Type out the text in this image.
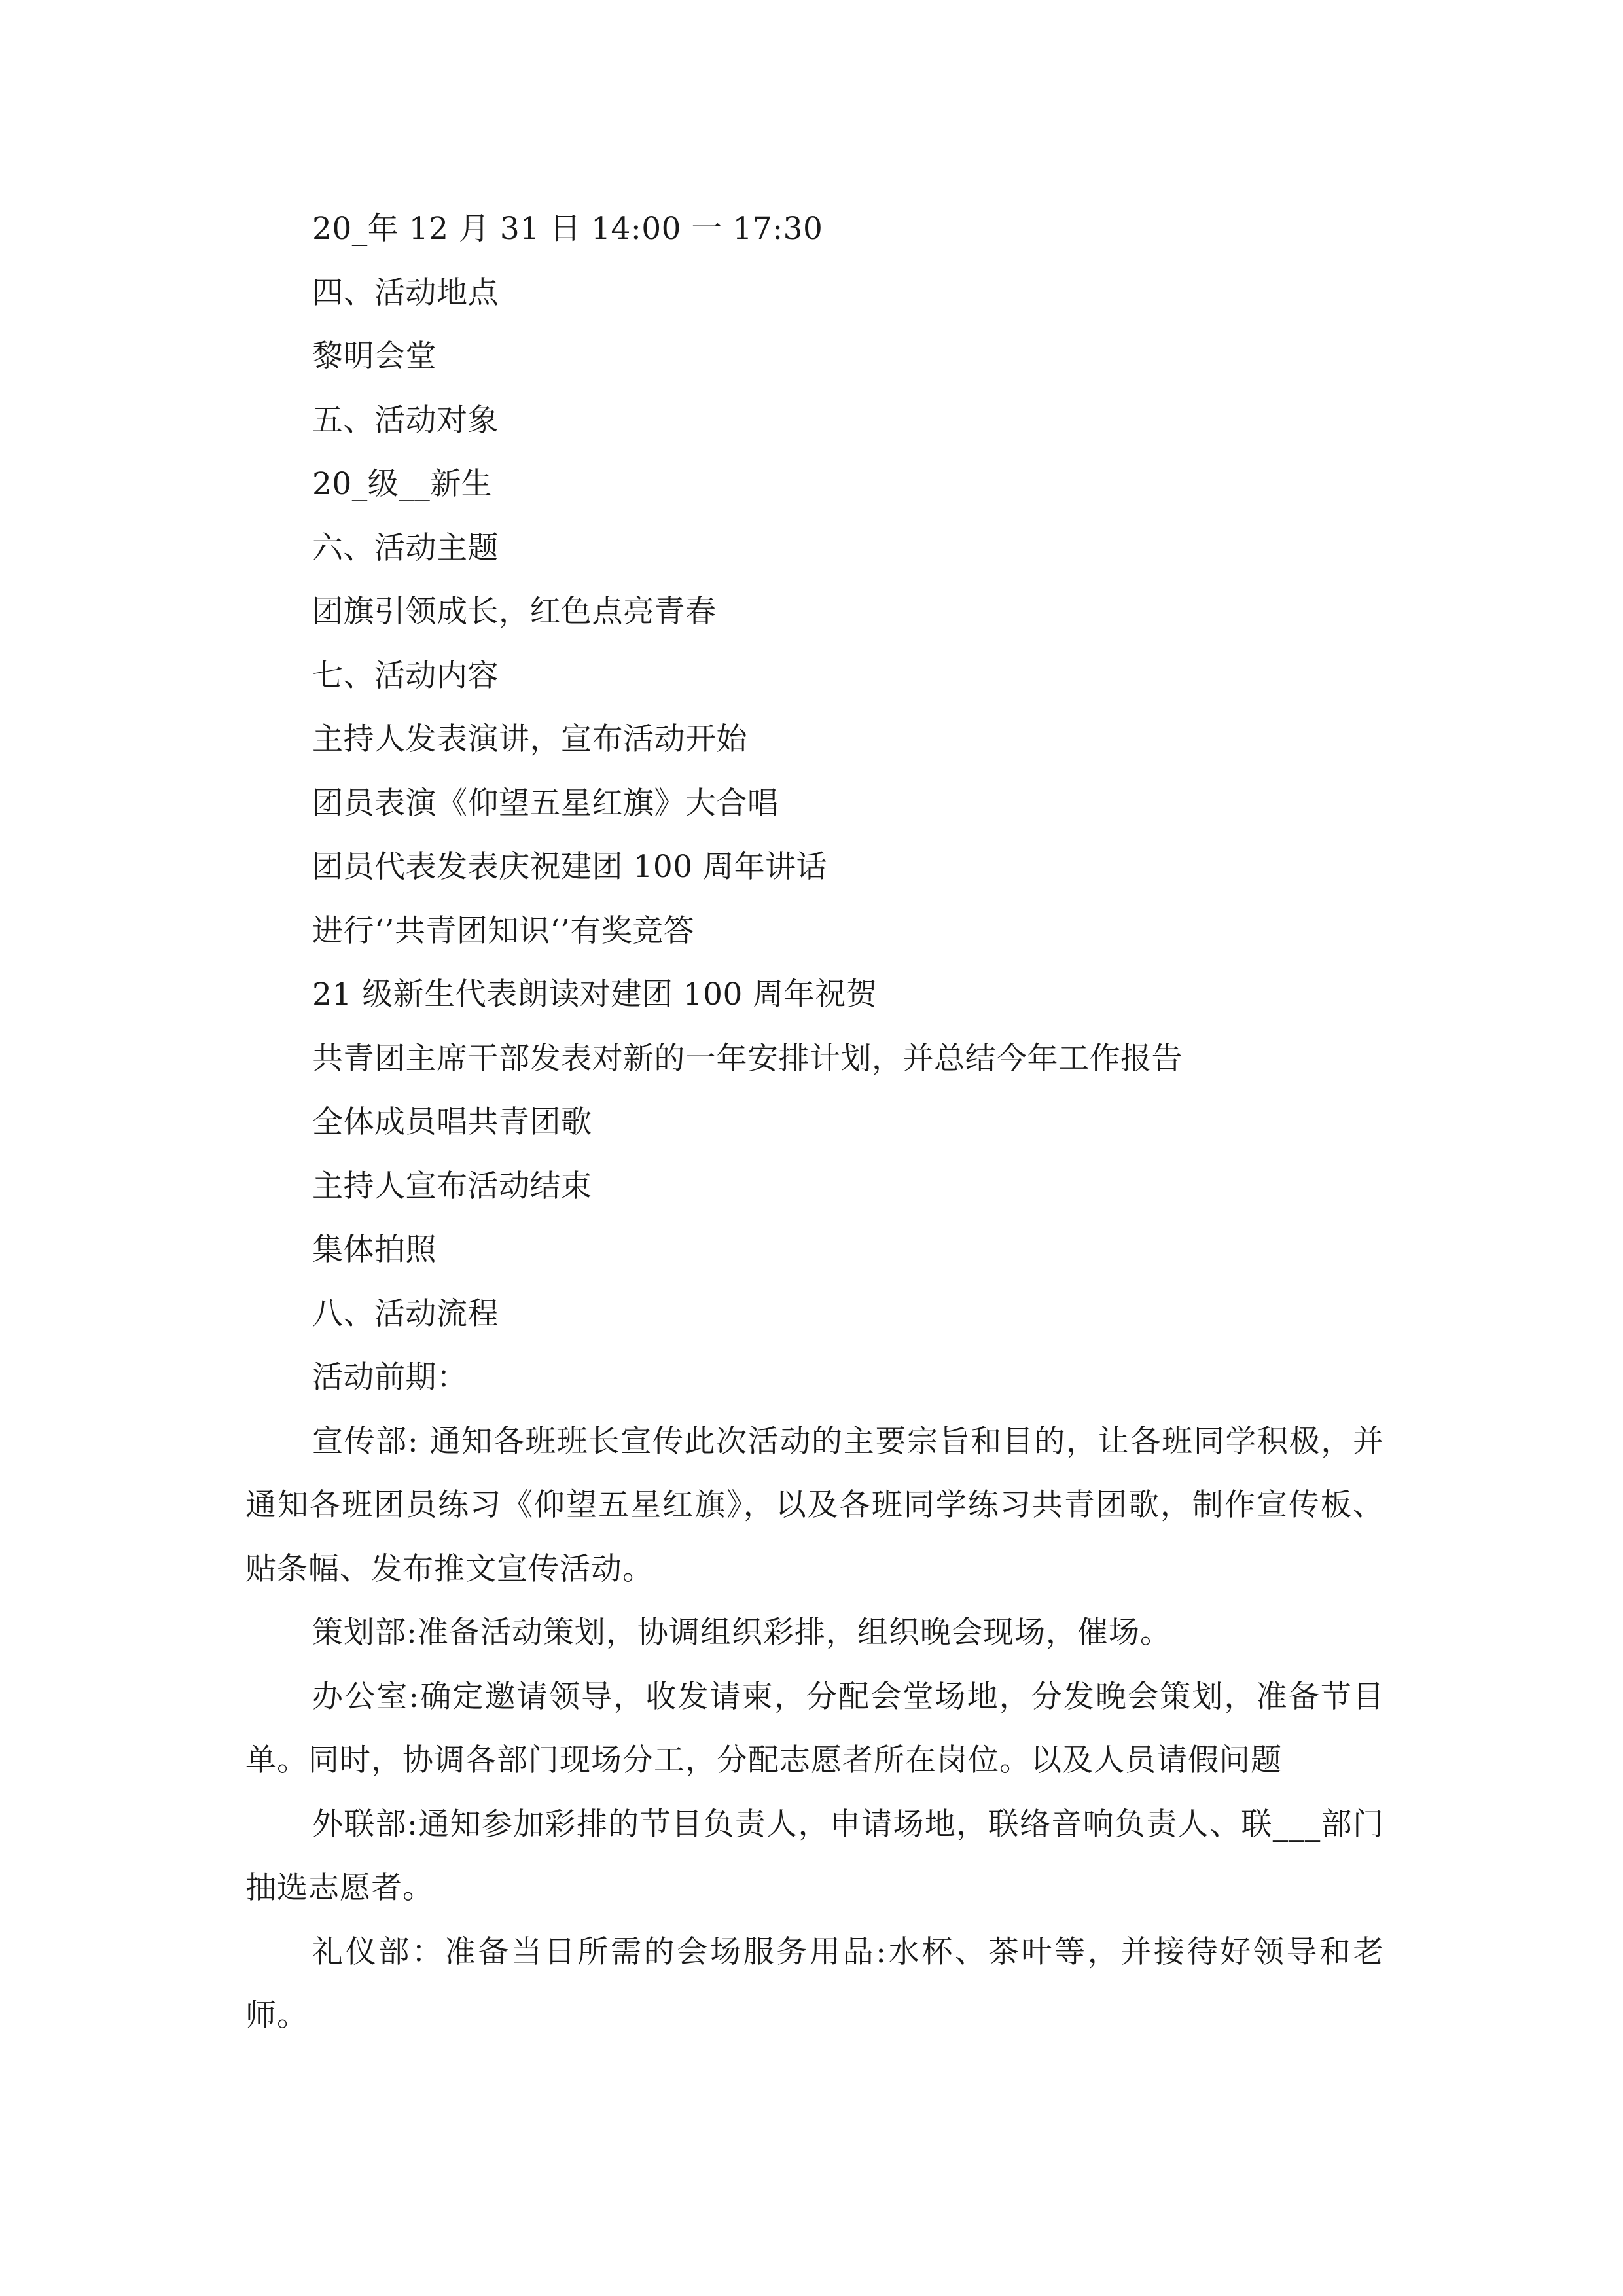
20_年 12 月 31 日 14:00 一 17:30
四、活动地点
黎明会堂
五、活动对象
20_级__新生
六、活动主题
团旗引领成长，红色点亮青春
七、活动内容
主持人发表演讲，宣布活动开始
团员表演《仰望五星红旗》大合唱
团员代表发表庆祝建团 100 周年讲话
进行‘’共青团知识‘’有奖竞答
21 级新生代表朗读对建团 100 周年祝贺
共青团主席干部发表对新的一年安排计划，并总结今年工作报告
全体成员唱共青团歌
主持人宣布活动结束
集体拍照
八、活动流程
活动前期：
宣传部: 通知各班班长宣传此次活动的主要宗旨和目的，让各班同学积极，并通知各班团员练习《仰望五星红旗》，以及各班同学练习共青团歌，制作宣传板、贴条幅、发布推文宣传活动。
策划部:准备活动策划，协调组织彩排，组织晚会现场，催场。
办公室:确定邀请领导，收发请柬，分配会堂场地，分发晚会策划，准备节目单。同时，协调各部门现场分工，分配志愿者所在岗位。以及人员请假问题
外联部:通知参加彩排的节目负责人，申请场地，联络音响负责人、联___部门抽选志愿者。
礼仪部：准备当日所需的会场服务用品:水杯、茶叶等，并接待好领导和老师。
